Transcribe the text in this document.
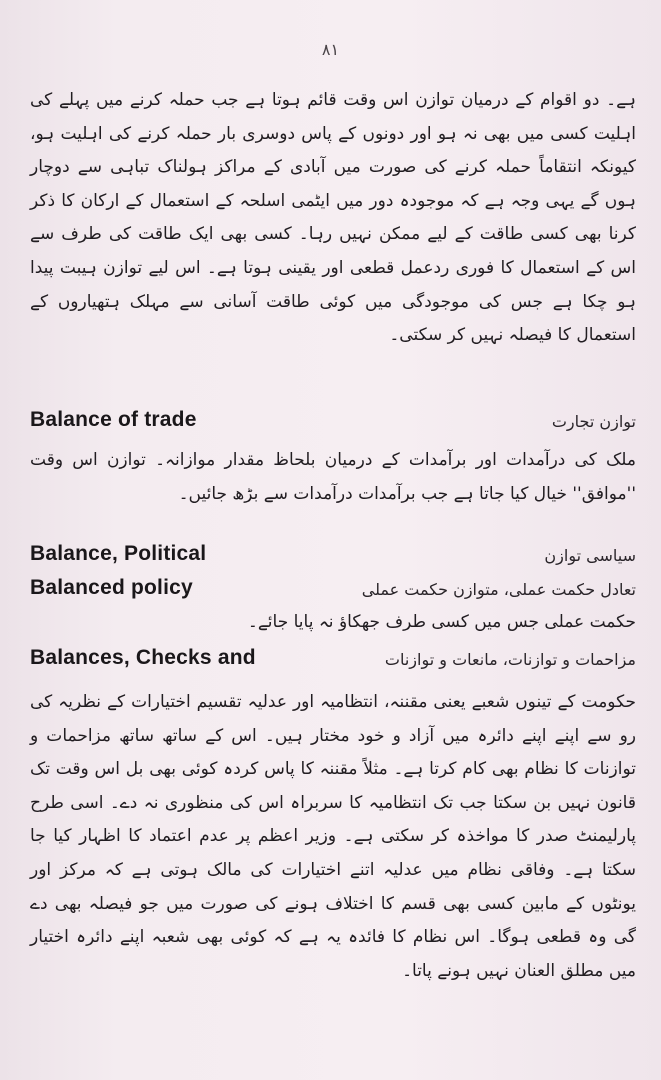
۸۱

ہے۔ دو اقوام کے درمیان توازن اس وقت قائم ہوتا ہے جب حملہ کرنے میں پہلے کی اہلیت کسی میں بھی نہ ہو اور دونوں کے پاس دوسری بار حملہ کرنے کی اہلیت ہو، کیونکہ انتقاماً حملہ کرنے کی صورت میں آبادی کے مراکز ہولناک تباہی سے دوچار ہوں گے یہی وجہ ہے کہ موجودہ دور میں ایٹمی اسلحہ کے استعمال کے ارکان کا ذکر کرنا بھی کسی طاقت کے لیے ممکن نہیں رہا۔ کسی بھی ایک طاقت کی طرف سے اس کے استعمال کا فوری ردعمل قطعی اور یقینی ہوتا ہے۔ اس لیے توازن ہیبت پیدا ہو چکا ہے جس کی موجودگی میں کوئی طاقت آسانی سے مہلک ہتھیاروں کے استعمال کا فیصلہ نہیں کر سکتی۔

Balance of trade	توازن تجارت

ملک کی درآمدات اور برآمدات کے درمیان بلحاظ مقدار موازانہ۔ توازن اس وقت ''موافق'' خیال کیا جاتا ہے جب برآمدات درآمدات سے بڑھ جائیں۔

Balance, Political	سیاسی توازن
Balanced policy	تعادل حکمت عملی، متوازن حکمت عملی

حکمت عملی جس میں کسی طرف جھکاؤ نہ پایا جائے۔

Balances, Checks and	مزاحمات و توازنات، مانعات و توازنات

حکومت کے تینوں شعبے یعنی مقننہ، انتظامیہ اور عدلیہ تقسیم اختیارات کے نظریہ کی رو سے اپنے اپنے دائرہ میں آزاد و خود مختار ہیں۔ اس کے ساتھ ساتھ مزاحمات و توازنات کا نظام بھی کام کرتا ہے۔ مثلاً مقننہ کا پاس کردہ کوئی بھی بل اس وقت تک قانون نہیں بن سکتا جب تک انتظامیہ کا سربراہ اس کی منظوری نہ دے۔ اسی طرح پارلیمنٹ صدر کا مواخذہ کر سکتی ہے۔ وزیر اعظم پر عدم اعتماد کا اظہار کیا جا سکتا ہے۔ وفاقی نظام میں عدلیہ اتنے اختیارات کی مالک ہوتی ہے کہ مرکز اور یونٹوں کے مابین کسی بھی قسم کا اختلاف ہونے کی صورت میں جو فیصلہ بھی دے گی وہ قطعی ہوگا۔ اس نظام کا فائدہ یہ ہے کہ کوئی بھی شعبہ اپنے دائرہ اختیار میں مطلق العنان نہیں ہونے پاتا۔
